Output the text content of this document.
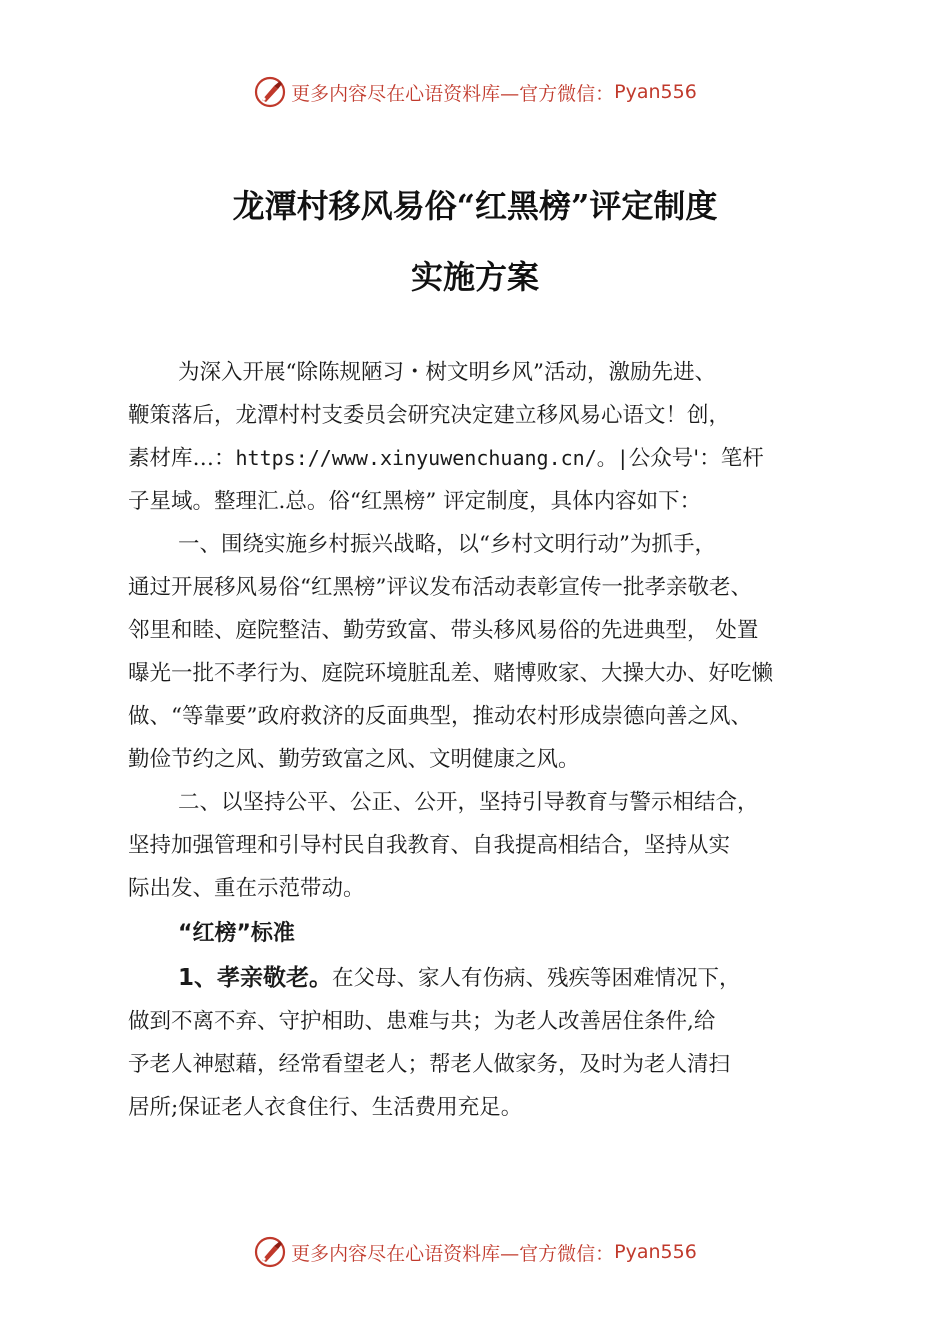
更多内容尽在心语资料库—官方微信： Pyan556
龙潭村移风易俗“红黑榜”评定制度
实施方案

为深入开展“除陈规陋习・树文明乡风”活动，激励先进、

鞭策落后，龙潭村村支委员会研究决定建立移风易心语文！创，

素材库…：https://www.xinyuwenchuang.cn/。|公众号'：笔杆

子星域。整理汇.总。俗“红黑榜” 评定制度，具体内容如下：

一、围绕实施乡村振兴战略，以“乡村文明行动”为抓手，

通过开展移风易俗“红黑榜”评议发布活动表彰宣传一批孝亲敬老、

邻里和睦、庭院整洁、勤劳致富、带头移风易俗的先进典型， 处置

曝光一批不孝行为、庭院环境脏乱差、赌博败家、大操大办、好吃懒

做、“等靠要”政府救济的反面典型，推动农村形成崇德向善之风、

勤俭节约之风、勤劳致富之风、文明健康之风。

二、以坚持公平、公正、公开，坚持引导教育与警示相结合，

坚持加强管理和引导村民自我教育、自我提高相结合，坚持从实

际出发、重在示范带动。

“红榜”标准

1、孝亲敬老。在父母、家人有伤病、残疾等困难情况下，

做到不离不弃、守护相助、患难与共；为老人改善居住条件,给

予老人神慰藉，经常看望老人；帮老人做家务，及时为老人清扫

居所;保证老人衣食住行、生活费用充足。

更多内容尽在心语资料库—官方微信： Pyan556
